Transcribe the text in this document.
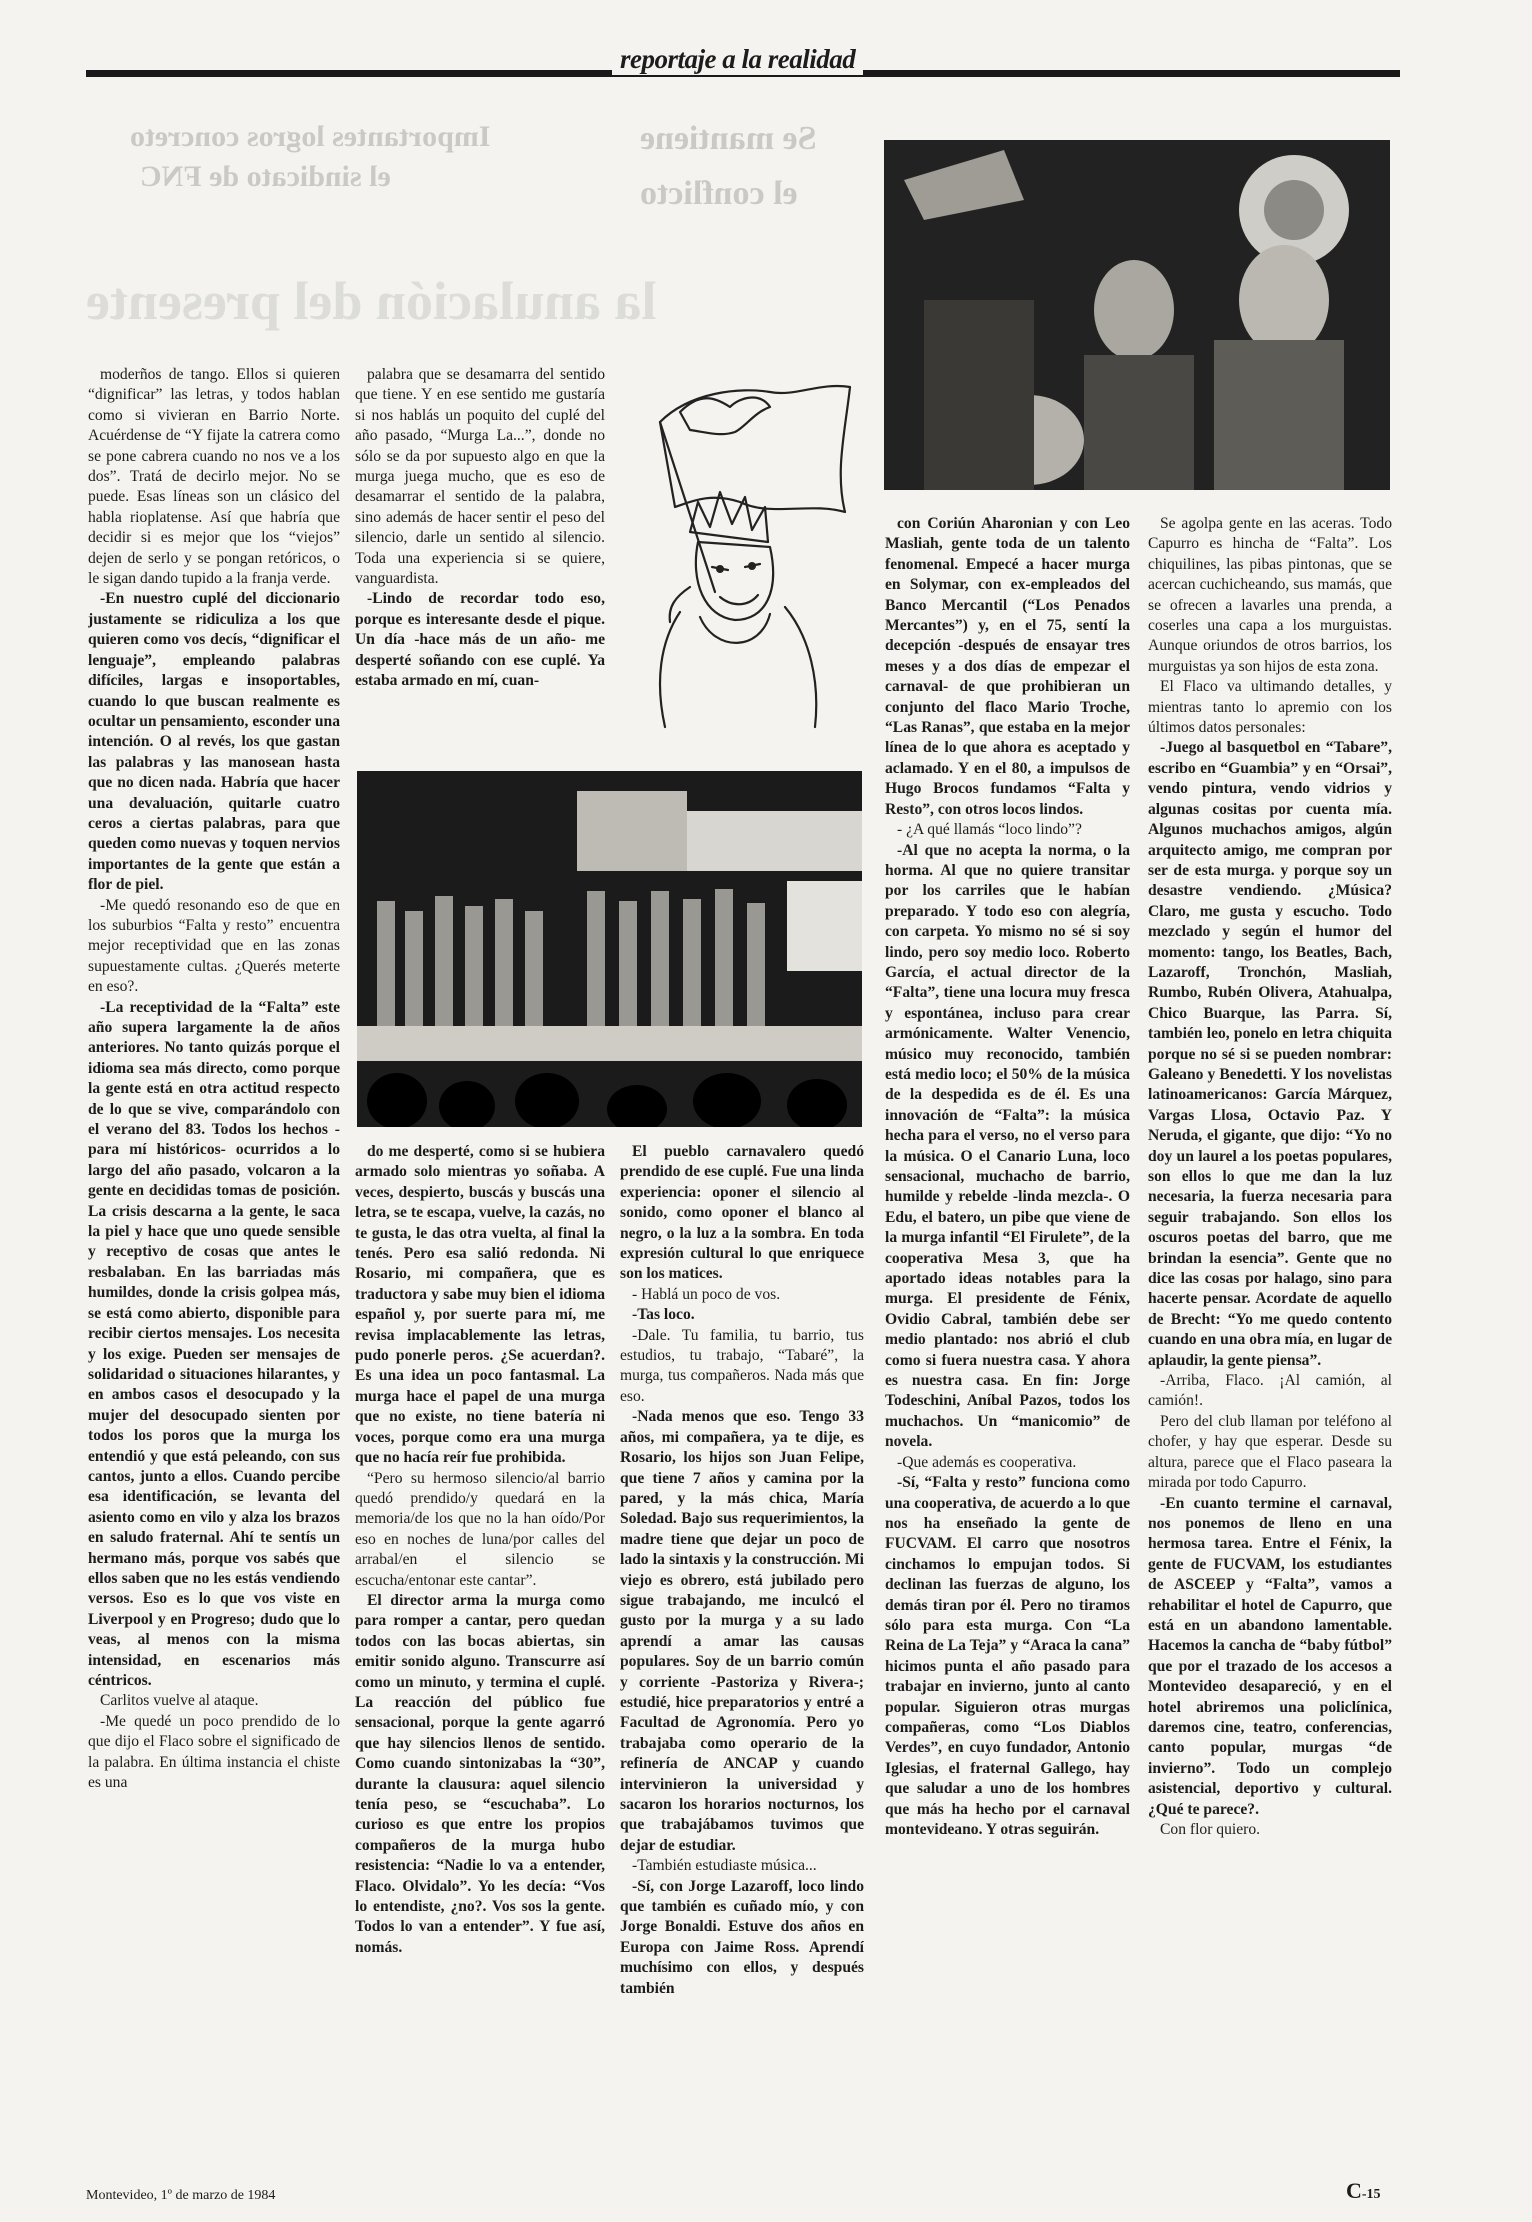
Importantes logros concreto
el sindicato de FNC
la anulación del presente
Se mantiene
el conflicto
reportaje a la realidad

moderños de tango. Ellos si quieren “dignificar” las letras, y todos hablan como si vivieran en Barrio Norte. Acuérdense de “Y fijate la catrera como se pone cabrera cuando no nos ve a los dos”. Tratá de decirlo mejor. No se puede. Esas líneas son un clásico del habla rioplatense. Así que habría que decidir si es mejor que los “viejos” dejen de serlo y se pongan retóricos, o le sigan dando tupido a la franja verde.

-En nuestro cuplé del diccionario justamente se ridiculiza a los que quieren como vos decís, “dignificar el lenguaje”, empleando palabras difíciles, largas e insoportables, cuando lo que buscan realmente es ocultar un pensamiento, esconder una intención. O al revés, los que gastan las palabras y las manosean hasta que no dicen nada. Habría que hacer una devaluación, quitarle cuatro ceros a ciertas palabras, para que queden como nuevas y toquen nervios importantes de la gente que están a flor de piel.

-Me quedó resonando eso de que en los suburbios “Falta y resto” encuentra mejor receptividad que en las zonas supuestamente cultas. ¿Querés meterte en eso?.

-La receptividad de la “Falta” este año supera largamente la de años anteriores. No tanto quizás porque el idioma sea más directo, como porque la gente está en otra actitud respecto de lo que se vive, comparándolo con el verano del 83. Todos los hechos -para mí históricos- ocurridos a lo largo del año pasado, volcaron a la gente en decididas tomas de posición. La crisis descarna a la gente, le saca la piel y hace que uno quede sensible y receptivo de cosas que antes le resbalaban. En las barriadas más humildes, donde la crisis golpea más, se está como abierto, disponible para recibir ciertos mensajes. Los necesita y los exige. Pueden ser mensajes de solidaridad o situaciones hilarantes, y en ambos casos el desocupado y la mujer del desocupado sienten por todos los poros que la murga los entendió y que está peleando, con sus cantos, junto a ellos. Cuando percibe esa identificación, se levanta del asiento como en vilo y alza los brazos en saludo fraternal. Ahí te sentís un hermano más, porque vos sabés que ellos saben que no les estás vendiendo versos. Eso es lo que vos viste en Liverpool y en Progreso; dudo que lo veas, al menos con la misma intensidad, en escenarios más céntricos.

Carlitos vuelve al ataque.

-Me quedé un poco prendido de lo que dijo el Flaco sobre el significado de la palabra. En última instancia el chiste es una

palabra que se desamarra del sentido que tiene. Y en ese sentido me gustaría si nos hablás un poquito del cuplé del año pasado, “Murga La...”, donde no sólo se da por supuesto algo en que la murga juega mucho, que es eso de desamarrar el sentido de la palabra, sino además de hacer sentir el peso del silencio, darle un sentido al silencio. Toda una experiencia si se quiere, vanguardista.

-Lindo de recordar todo eso, porque es interesante desde el pique. Un día -hace más de un año- me desperté soñando con ese cuplé. Ya estaba armado en mí, cuan-

do me desperté, como si se hubiera armado solo mientras yo soñaba. A veces, despierto, buscás y buscás una letra, se te escapa, vuelve, la cazás, no te gusta, le das otra vuelta, al final la tenés. Pero esa salió redonda. Ni Rosario, mi compañera, que es traductora y sabe muy bien el idioma español y, por suerte para mí, me revisa implacablemente las letras, pudo ponerle peros. ¿Se acuerdan?. Es una idea un poco fantasmal. La murga hace el papel de una murga que no existe, no tiene batería ni voces, porque como era una murga que no hacía reír fue prohibida.

“Pero su hermoso silencio/al barrio quedó prendido/y quedará en la memoria/de los que no la han oído/Por eso en noches de luna/por calles del arrabal/en el silencio se escucha/entonar este cantar”.

El director arma la murga como para romper a cantar, pero quedan todos con las bocas abiertas, sin emitir sonido alguno. Transcurre así como un minuto, y termina el cuplé. La reacción del público fue sensacional, porque la gente agarró que hay silencios llenos de sentido. Como cuando sintonizabas la “30”, durante la clausura: aquel silencio tenía peso, se “escuchaba”. Lo curioso es que entre los propios compañeros de la murga hubo resistencia: “Nadie lo va a entender, Flaco. Olvidalo”. Yo les decía: “Vos lo entendiste, ¿no?. Vos sos la gente. Todos lo van a entender”. Y fue así, nomás.

El pueblo carnavalero quedó prendido de ese cuplé. Fue una linda experiencia: oponer el silencio al sonido, como oponer el blanco al negro, o la luz a la sombra. En toda expresión cultural lo que enriquece son los matices.

- Hablá un poco de vos.

-Tas loco.

-Dale. Tu familia, tu barrio, tus estudios, tu trabajo, “Tabaré”, la murga, tus compañeros. Nada más que eso.

-Nada menos que eso. Tengo 33 años, mi compañera, ya te dije, es Rosario, los hijos son Juan Felipe, que tiene 7 años y camina por la pared, y la más chica, María Soledad. Bajo sus requerimientos, la madre tiene que dejar un poco de lado la sintaxis y la construcción. Mi viejo es obrero, está jubilado pero sigue trabajando, me inculcó el gusto por la murga y a su lado aprendí a amar las causas populares. Soy de un barrio común y corriente -Pastoriza y Rivera-; estudié, hice preparatorios y entré a Facultad de Agronomía. Pero yo trabajaba como operario de la refinería de ANCAP y cuando intervinieron la universidad y sacaron los horarios nocturnos, los que trabajábamos tuvimos que dejar de estudiar.

-También estudiaste música...

-Sí, con Jorge Lazaroff, loco lindo que también es cuñado mío, y con Jorge Bonaldi. Estuve dos años en Europa con Jaime Ross. Aprendí muchísimo con ellos, y después también

con Coriún Aharonian y con Leo Masliah, gente toda de un talento fenomenal. Empecé a hacer murga en Solymar, con ex-empleados del Banco Mercantil (“Los Penados Mercantes”) y, en el 75, sentí la decepción -después de ensayar tres meses y a dos días de empezar el carnaval- de que prohibieran un conjunto del flaco Mario Troche, “Las Ranas”, que estaba en la mejor línea de lo que ahora es aceptado y aclamado. Y en el 80, a impulsos de Hugo Brocos fundamos “Falta y Resto”, con otros locos lindos.

- ¿A qué llamás “loco lindo”?

-Al que no acepta la norma, o la horma. Al que no quiere transitar por los carriles que le habían preparado. Y todo eso con alegría, con carpeta. Yo mismo no sé si soy lindo, pero soy medio loco. Roberto García, el actual director de la “Falta”, tiene una locura muy fresca y espontánea, incluso para crear armónicamente. Walter Venencio, músico muy reconocido, también está medio loco; el 50% de la música de la despedida es de él. Es una innovación de “Falta”: la música hecha para el verso, no el verso para la música. O el Canario Luna, loco sensacional, muchacho de barrio, humilde y rebelde -linda mezcla-. O Edu, el batero, un pibe que viene de la murga infantil “El Firulete”, de la cooperativa Mesa 3, que ha aportado ideas notables para la murga. El presidente de Fénix, Ovidio Cabral, también debe ser medio plantado: nos abrió el club como si fuera nuestra casa. Y ahora es nuestra casa. En fin: Jorge Todeschini, Aníbal Pazos, todos los muchachos. Un “manicomio” de novela.

-Que además es cooperativa.

-Sí, “Falta y resto” funciona como una cooperativa, de acuerdo a lo que nos ha enseñado la gente de FUCVAM. El carro que nosotros cinchamos lo empujan todos. Si declinan las fuerzas de alguno, los demás tiran por él. Pero no tiramos sólo para esta murga. Con “La Reina de La Teja” y “Araca la cana” hicimos punta el año pasado para trabajar en invierno, junto al canto popular. Siguieron otras murgas compañeras, como “Los Diablos Verdes”, en cuyo fundador, Antonio Iglesias, el fraternal Gallego, hay que saludar a uno de los hombres que más ha hecho por el carnaval montevideano. Y otras seguirán.

Se agolpa gente en las aceras. Todo Capurro es hincha de “Falta”. Los chiquilines, las pibas pintonas, que se acercan cuchicheando, sus mamás, que se ofrecen a lavarles una prenda, a coserles una capa a los murguistas. Aunque oriundos de otros barrios, los murguistas ya son hijos de esta zona.

El Flaco va ultimando detalles, y mientras tanto lo apremio con los últimos datos personales:

-Juego al basquetbol en “Tabare”, escribo en “Guambia” y en “Orsai”, vendo pintura, vendo vidrios y algunas cositas por cuenta mía. Algunos muchachos amigos, algún arquitecto amigo, me compran por ser de esta murga. y porque soy un desastre vendiendo. ¿Música? Claro, me gusta y escucho. Todo mezclado y según el humor del momento: tango, los Beatles, Bach, Lazaroff, Tronchón, Masliah, Rumbo, Rubén Olivera, Atahualpa, Chico Buarque, las Parra. Sí, también leo, ponelo en letra chiquita porque no sé si se pueden nombrar: Galeano y Benedetti. Y los novelistas latinoamericanos: García Márquez, Vargas Llosa, Octavio Paz. Y Neruda, el gigante, que dijo: “Yo no doy un laurel a los poetas populares, son ellos lo que me dan la luz necesaria, la fuerza necesaria para seguir trabajando. Son ellos los oscuros poetas del barro, que me brindan la esencia”. Gente que no dice las cosas por halago, sino para hacerte pensar. Acordate de aquello de Brecht: “Yo me quedo contento cuando en una obra mía, en lugar de aplaudir, la gente piensa”.

-Arriba, Flaco. ¡Al camión, al camión!.

Pero del club llaman por teléfono al chofer, y hay que esperar. Desde su altura, parece que el Flaco paseara la mirada por todo Capurro.

-En cuanto termine el carnaval, nos ponemos de lleno en una hermosa tarea. Entre el Fénix, la gente de FUCVAM, los estudiantes de ASCEEP y “Falta”, vamos a rehabilitar el hotel de Capurro, que está en un abandono lamentable. Hacemos la cancha de “baby fútbol” que por el trazado de los accesos a Montevideo desapareció, y en el hotel abriremos una policlínica, daremos cine, teatro, conferencias, canto popular, murgas “de invierno”. Todo un complejo asistencial, deportivo y cultural. ¿Qué te parece?.

Con flor quiero.

Montevideo, 1º de marzo de 1984	C-15
